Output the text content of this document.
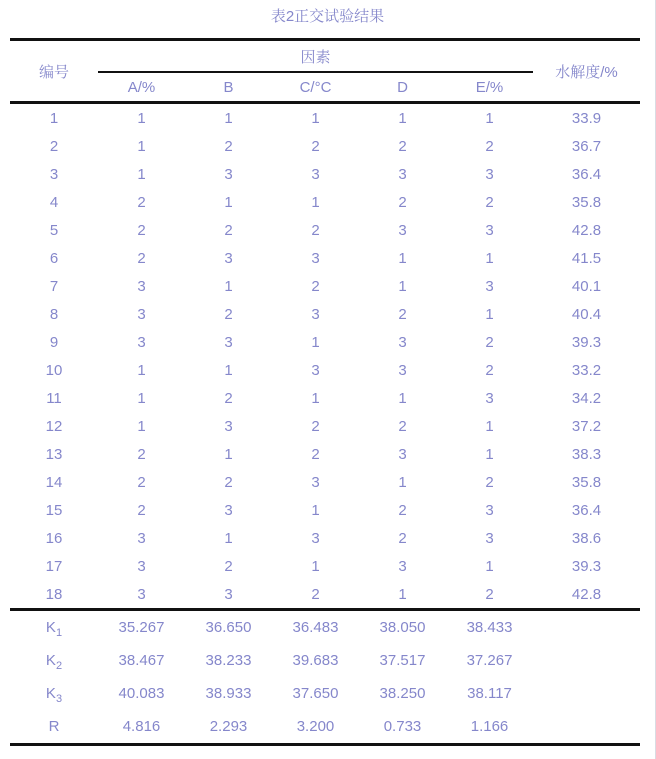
表2正交试验结果
编号	因素					水解度/%
	A/%	B	C/°C	D	E/%	
1	1	1	1	1	1	33.9
2	1	2	2	2	2	36.7
3	1	3	3	3	3	36.4
4	2	1	1	2	2	35.8
5	2	2	2	3	3	42.8
6	2	3	3	1	1	41.5
7	3	1	2	1	3	40.1
8	3	2	3	2	1	40.4
9	3	3	1	3	2	39.3
10	1	1	3	3	2	33.2
11	1	2	1	1	3	34.2
12	1	3	2	2	1	37.2
13	2	1	2	3	1	38.3
14	2	2	3	1	2	35.8
15	2	3	1	2	3	36.4
16	3	1	3	2	3	38.6
17	3	2	1	3	1	39.3
18	3	3	2	1	2	42.8
$K_1$	35.267	36.650	36.483	38.050	38.433	
$K_2$	38.467	38.233	39.683	37.517	37.267	
$K_3$	40.083	38.933	37.650	38.250	38.117	
R	4.816	2.293	3.200	0.733	1.166	
